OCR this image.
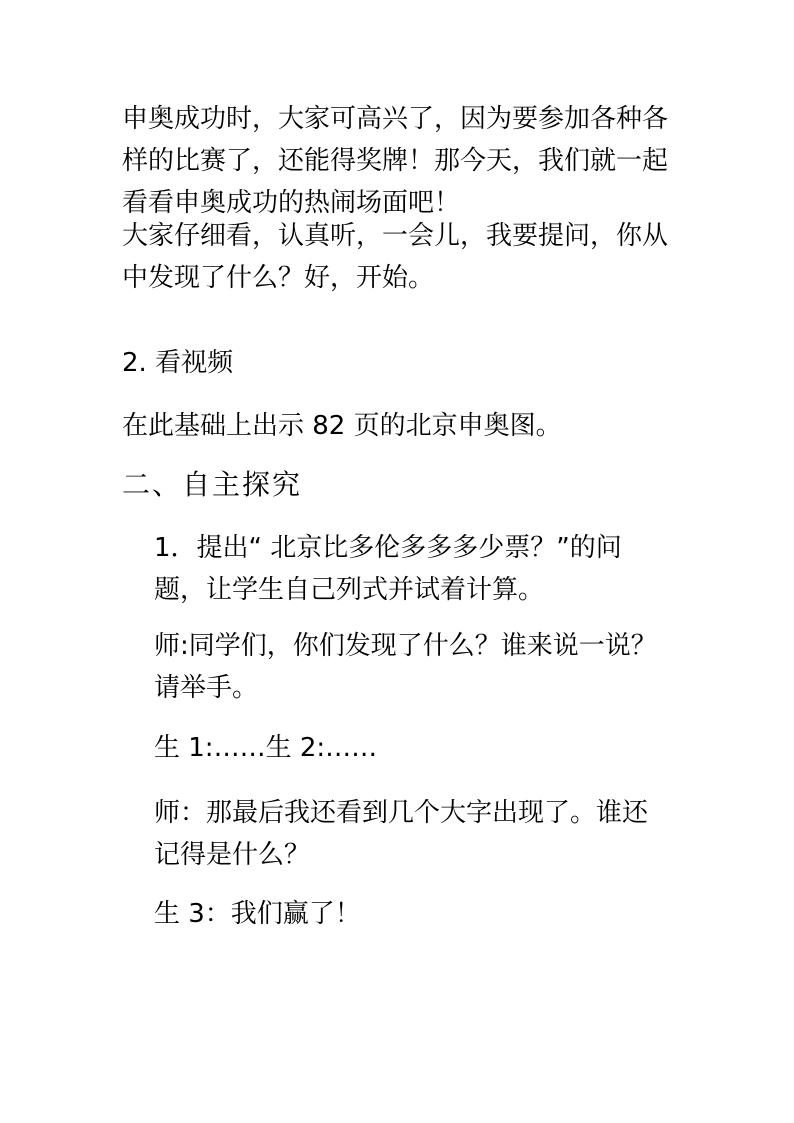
申奥成功时，大家可高兴了，因为要参加各种各
样的比赛了，还能得奖牌！那今天，我们就一起
看看申奥成功的热闹场面吧！

大家仔细看，认真听，一会儿，我要提问，你从
中发现了什么？好，开始。

2. 看视频

在此基础上出示 82 页的北京申奥图。

二、自主探究

1．提出“ 北京比多伦多多多少票？”的问
题，让学生自己列式并试着计算。

师:同学们，你们发现了什么？谁来说一说？
请举手。

生 1:……生 2:……

师：那最后我还看到几个大字出现了。谁还
记得是什么？

生 3：我们赢了！
